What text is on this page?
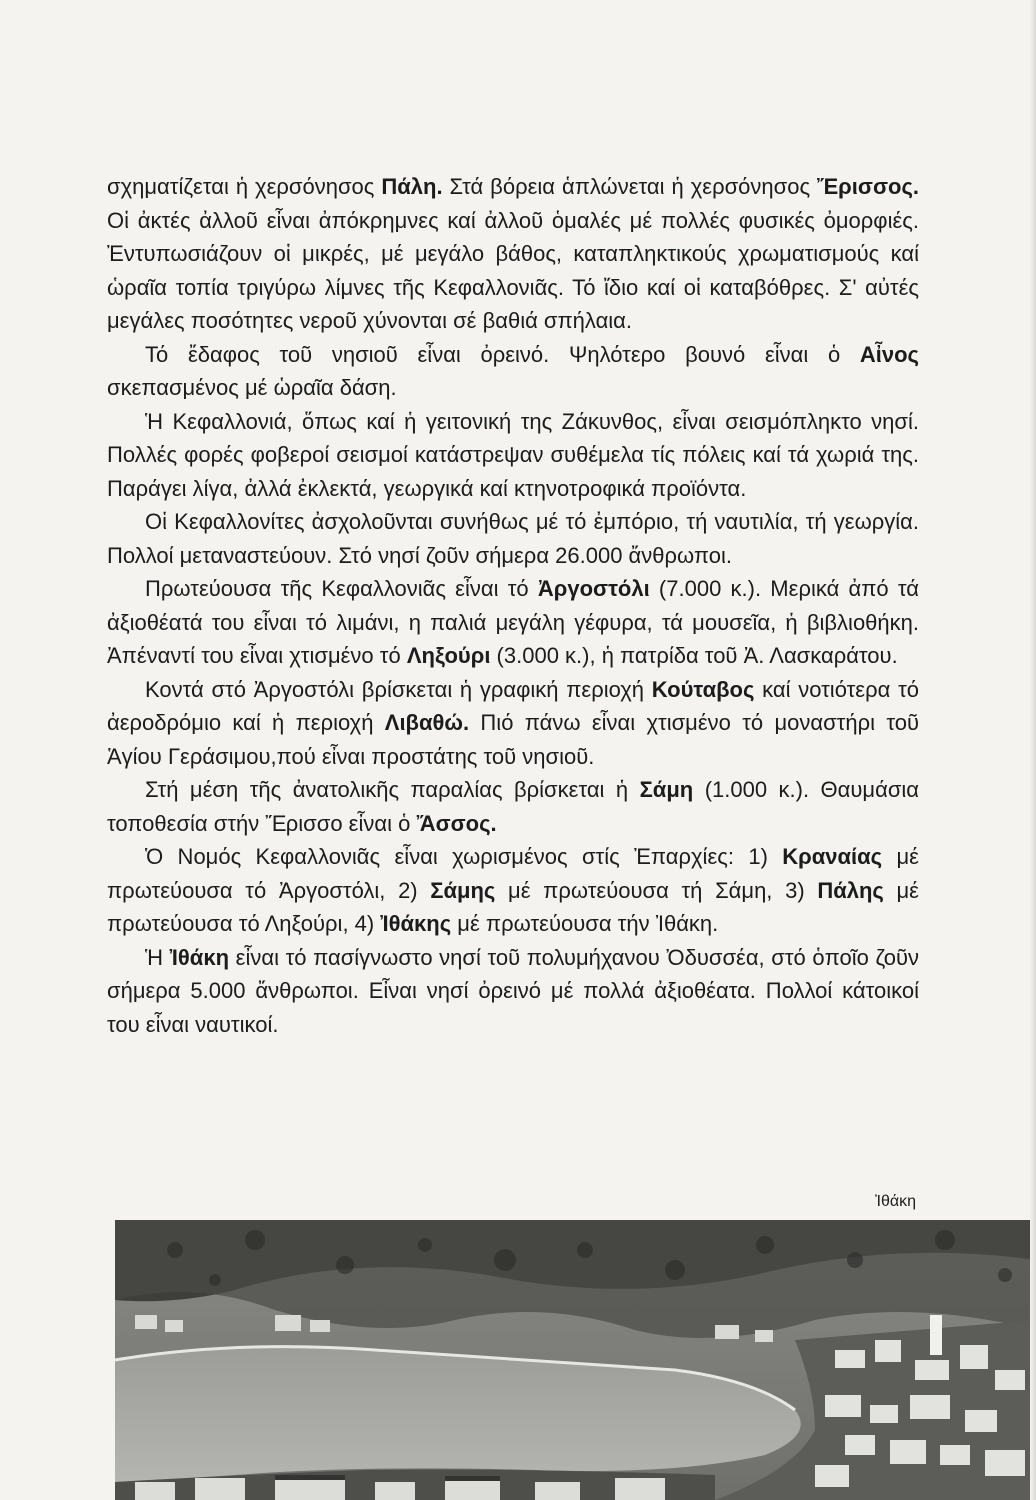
σχηματίζεται ἡ χερσόνησος Πάλη. Στά βόρεια ἁπλώνεται ἡ χερσόνησος Ἔρισσος. Οἱ ἀκτές ἀλλοῦ εἶναι ἀπόκρημνες καί ἀλλοῦ ὁμαλές μέ πολλές φυσικές ὀμορφιές. Ἐντυπωσιάζουν οἱ μικρές, μέ μεγάλο βάθος, καταπληκτικούς χρωματισμούς καί ὡραῖα τοπία τριγύρω λίμνες τῆς Κεφαλλονιᾶς. Τό ἴδιο καί οἱ καταβόθρες. Σ' αὐτές μεγάλες ποσότητες νεροῦ χύνονται σέ βαθιά σπήλαια.

Τό ἔδαφος τοῦ νησιοῦ εἶναι ὀρεινό. Ψηλότερο βουνό εἶναι ὁ Αἶνος σκεπασμένος μέ ὡραῖα δάση.

Ἡ Κεφαλλονιά, ὅπως καί ἡ γειτονική της Ζάκυνθος, εἶναι σεισμόπληκτο νησί. Πολλές φορές φοβεροί σεισμοί κατάστρεψαν συθέμελα τίς πόλεις καί τά χωριά της. Παράγει λίγα, ἀλλά ἐκλεκτά, γεωργικά καί κτηνοτροφικά προϊόντα.

Οἱ Κεφαλλονίτες ἀσχολοῦνται συνήθως μέ τό ἐμπόριο, τή ναυτιλία, τή γεωργία. Πολλοί μεταναστεύουν. Στό νησί ζοῦν σήμερα 26.000 ἄνθρωποι.

Πρωτεύουσα τῆς Κεφαλλονιᾶς εἶναι τό Ἀργοστόλι (7.000 κ.). Μερικά ἀπό τά ἀξιοθέατά του εἶναι τό λιμάνι, η παλιά μεγάλη γέφυρα, τά μουσεῖα, ἡ βιβλιοθήκη. Ἀπέναντί του εἶναι χτισμένο τό Ληξούρι (3.000 κ.), ἡ πατρίδα τοῦ Ἀ. Λασκαράτου.

Κοντά στό Ἀργοστόλι βρίσκεται ἡ γραφική περιοχή Κούταβος καί νοτιότερα τό ἀεροδρόμιο καί ἡ περιοχή Λιβαθώ. Πιό πάνω εἶναι χτισμένο τό μοναστήρι τοῦ Ἁγίου Γεράσιμου,πού εἶναι προστάτης τοῦ νησιοῦ.

Στή μέση τῆς ἀνατολικῆς παραλίας βρίσκεται ἡ Σάμη (1.000 κ.). Θαυμάσια τοποθεσία στήν Ἔρισσο εἶναι ὁ Ἄσσος.

Ὁ Νομός Κεφαλλονιᾶς εἶναι χωρισμένος στίς Ἐπαρχίες: 1) Κραναίας μέ πρωτεύουσα τό Ἀργοστόλι, 2) Σάμης μέ πρωτεύουσα τή Σάμη, 3) Πάλης μέ πρωτεύουσα τό Ληξούρι, 4) Ἰθάκης μέ πρωτεύουσα τήν Ἰθάκη.

Ἡ Ἰθάκη εἶναι τό πασίγνωστο νησί τοῦ πολυμήχανου Ὀδυσσέα, στό ὁποῖο ζοῦν σήμερα 5.000 ἄνθρωποι. Εἶναι νησί ὀρεινό μέ πολλά ἀξιοθέατα. Πολλοί κάτοικοί του εἶναι ναυτικοί.

Ἰθάκη
